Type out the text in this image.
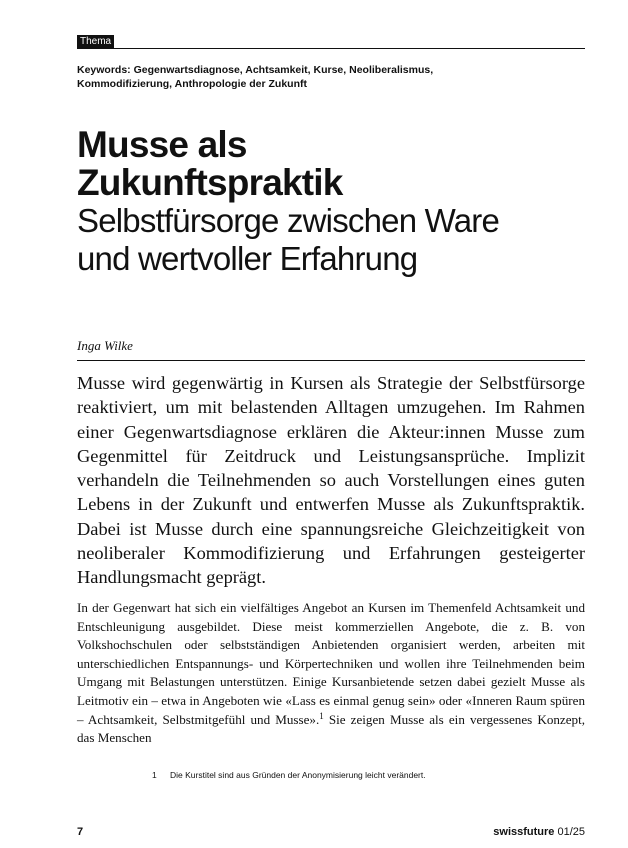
Thema
Keywords: Gegenwartsdiagnose, Achtsamkeit, Kurse, Neoliberalismus,
Kommodifizierung, Anthropologie der Zukunft
Musse als
Zukunftspraktik
Selbstfürsorge zwischen Ware
und wertvoller Erfahrung
Inga Wilke
Musse wird gegenwärtig in Kursen als Strategie der Selbstfürsorge reaktiviert, um mit belastenden Alltagen umzugehen. Im Rahmen einer Gegenwartsdiagnose erklären die Akteur:innen Musse zum Gegenmittel für Zeitdruck und Leistungsansprüche. Implizit verhandeln die Teilnehmenden so auch Vorstellungen eines guten Lebens in der Zukunft und entwerfen Musse als Zukunftspraktik. Dabei ist Musse durch eine spannungsreiche Gleichzeitigkeit von neoliberaler Kommodifizierung und Erfahrungen gesteigerter Handlungsmacht geprägt.
In der Gegenwart hat sich ein vielfältiges Angebot an Kursen im Themenfeld Achtsamkeit und Entschleunigung ausgebildet. Diese meist kommerziellen Angebote, die z. B. von Volkshochschulen oder selbstständigen Anbietenden organisiert werden, arbeiten mit unterschiedlichen Entspannungs- und Körpertechniken und wollen ihre Teilnehmenden beim Umgang mit Belastungen unterstützen. Einige Kursanbietende setzen dabei gezielt Musse als Leitmotiv ein – etwa in Angeboten wie «Lass es einmal genug sein» oder «Inneren Raum spüren – Achtsamkeit, Selbstmitgefühl und Musse».$^1$ Sie zeigen Musse als ein vergessenes Konzept, das Menschen
1 Die Kurstitel sind aus Gründen der Anonymisierung leicht verändert.
7	swissfuture 01/25
